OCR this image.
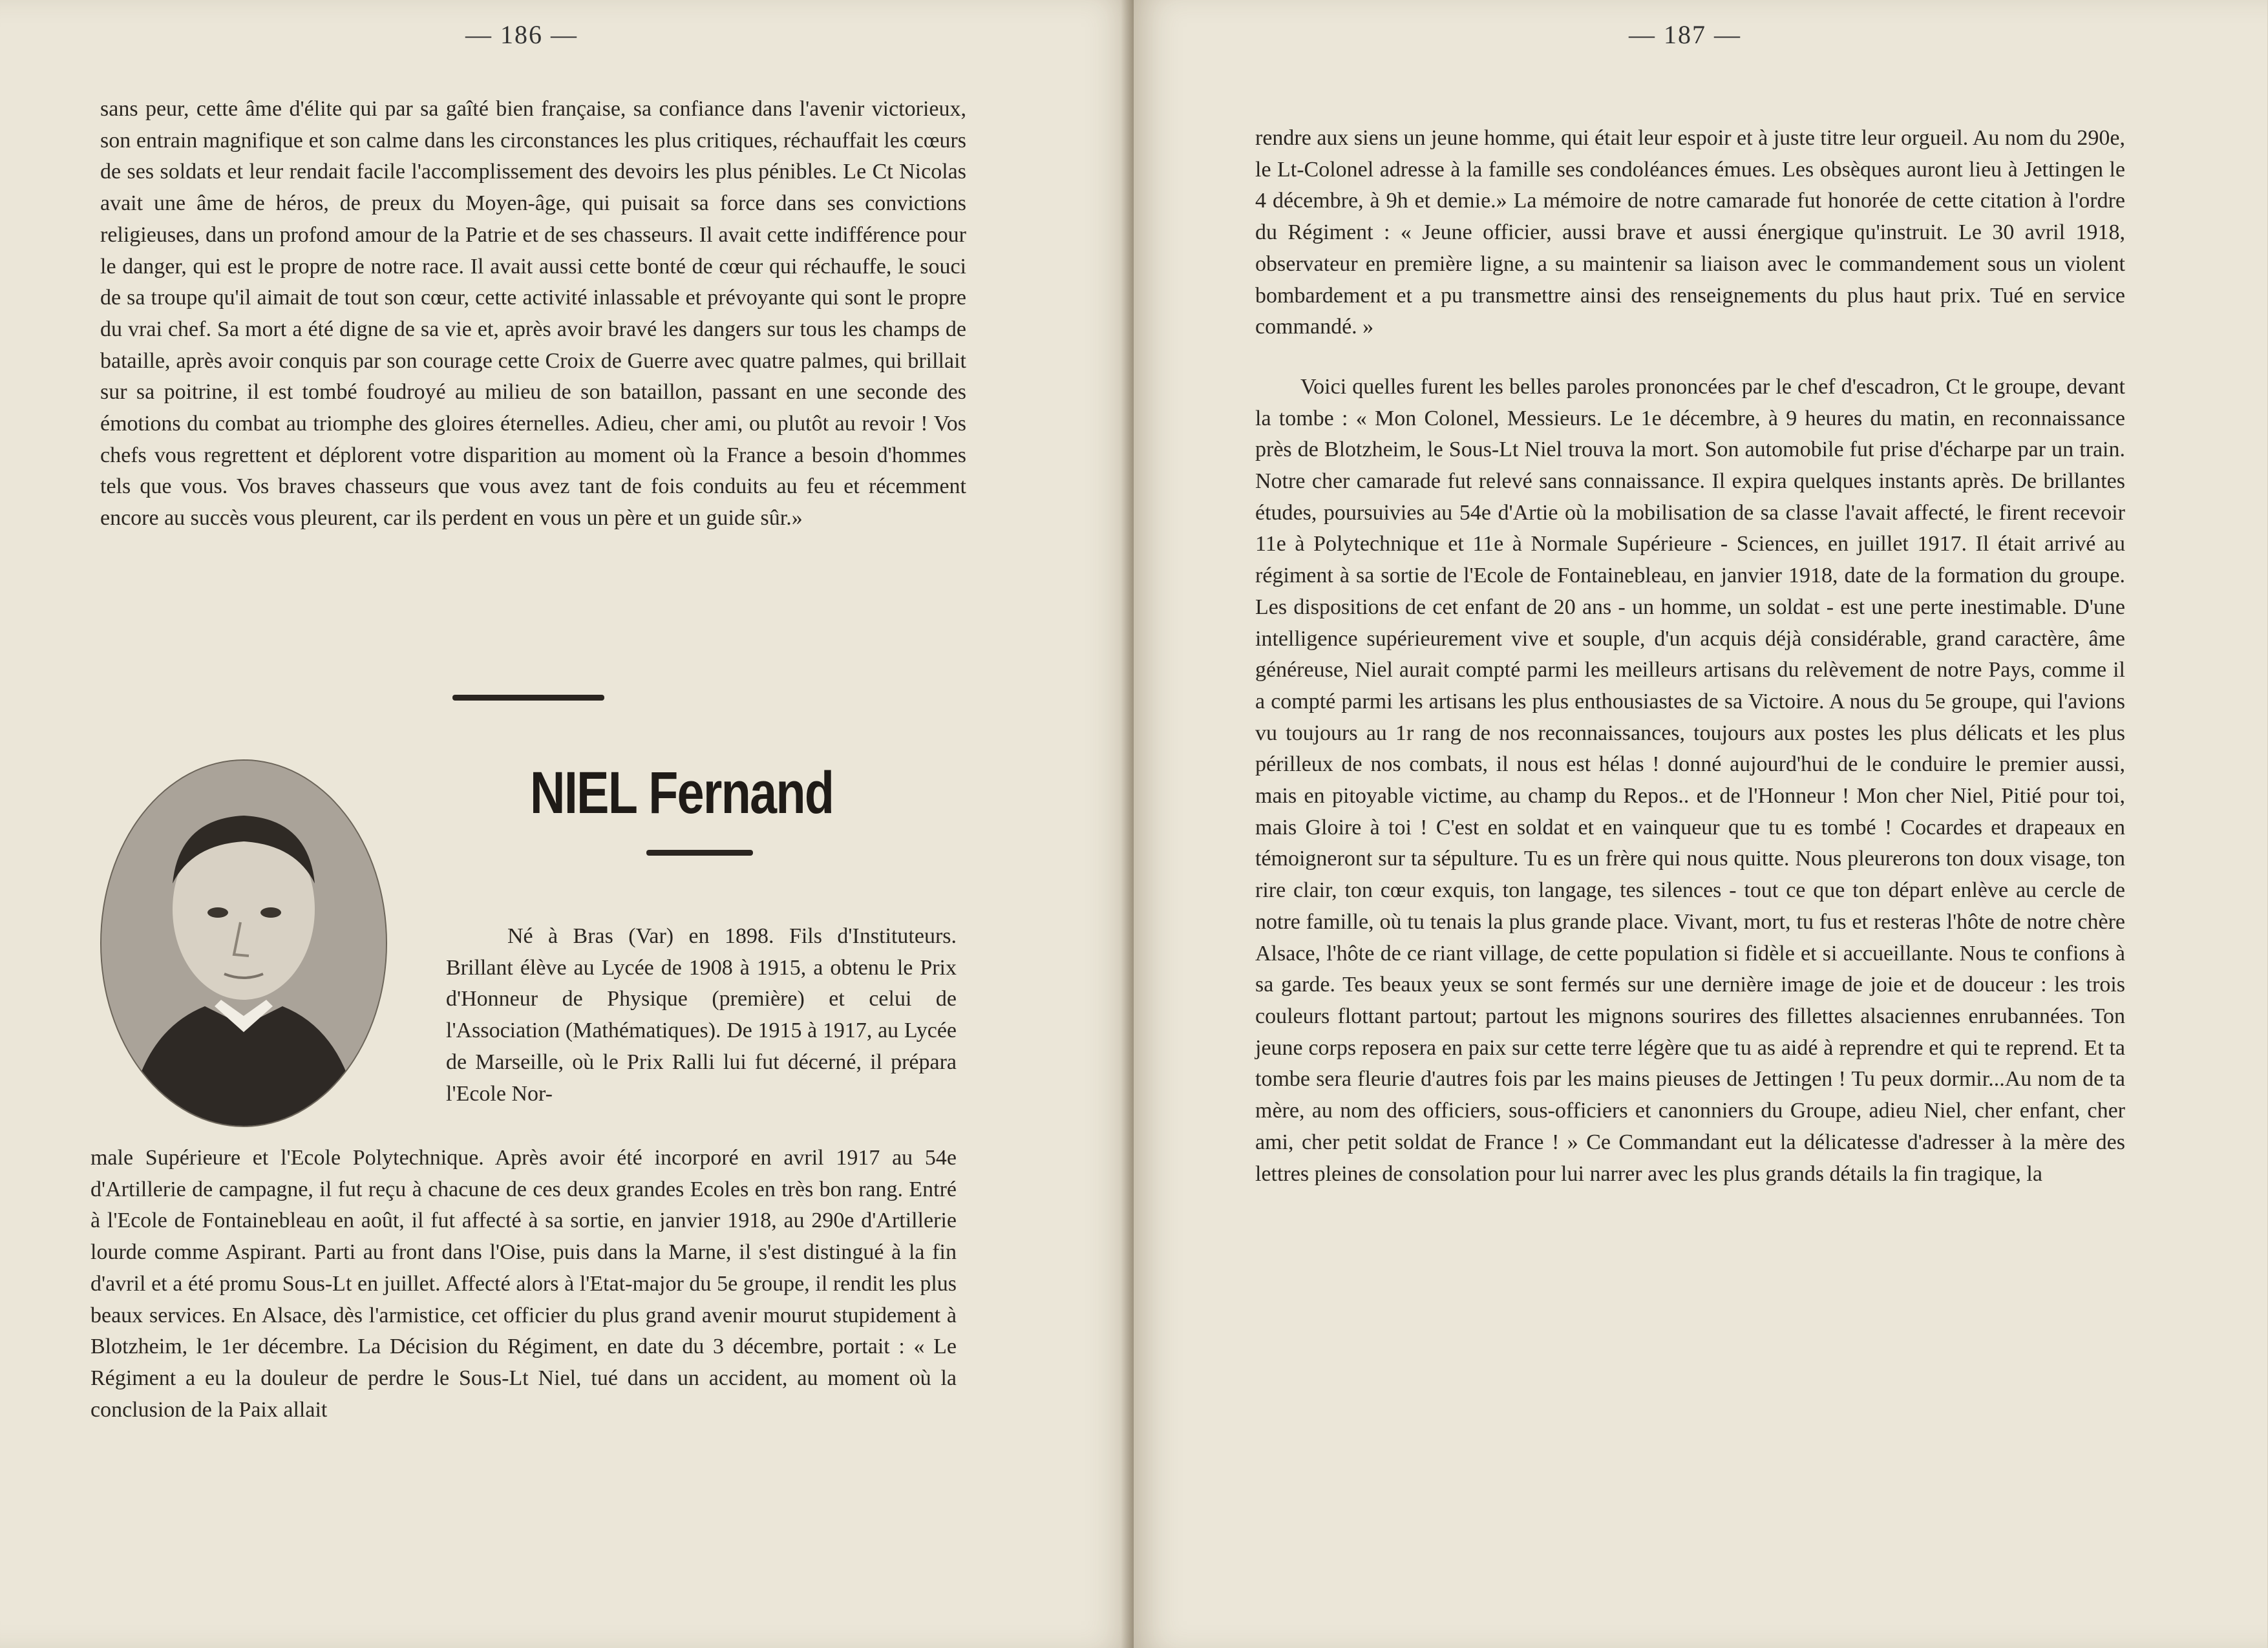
— 186 —
sans peur, cette âme d'élite qui par sa gaîté bien française, sa confiance dans l'avenir victorieux, son entrain magnifique et son calme dans les circonstances les plus critiques, réchauffait les cœurs de ses soldats et leur rendait facile l'accomplissement des devoirs les plus pénibles. Le Ct Nicolas avait une âme de héros, de preux du Moyen-âge, qui puisait sa force dans ses convictions religieuses, dans un profond amour de la Patrie et de ses chasseurs. Il avait cette indifférence pour le danger, qui est le propre de notre race. Il avait aussi cette bonté de cœur qui réchauffe, le souci de sa troupe qu'il aimait de tout son cœur, cette activité inlassable et prévoyante qui sont le propre du vrai chef. Sa mort a été digne de sa vie et, après avoir bravé les dangers sur tous les champs de bataille, après avoir conquis par son courage cette Croix de Guerre avec quatre palmes, qui brillait sur sa poitrine, il est tombé foudroyé au milieu de son bataillon, passant en une seconde des émotions du combat au triomphe des gloires éternelles. Adieu, cher ami, ou plutôt au revoir ! Vos chefs vous regrettent et déplorent votre disparition au moment où la France a besoin d'hommes tels que vous. Vos braves chasseurs que vous avez tant de fois conduits au feu et récemment encore au succès vous pleurent, car ils perdent en vous un père et un guide sûr.»
NIEL Fernand
Né à Bras (Var) en 1898. Fils d'Instituteurs. Brillant élève au Lycée de 1908 à 1915, a obtenu le Prix d'Honneur de Physique (première) et celui de l'Association (Mathématiques). De 1915 à 1917, au Lycée de Marseille, où le Prix Ralli lui fut décerné, il prépara l'Ecole Nor-
male Supérieure et l'Ecole Polytechnique. Après avoir été incorporé en avril 1917 au 54e d'Artillerie de campagne, il fut reçu à chacune de ces deux grandes Ecoles en très bon rang. Entré à l'Ecole de Fontainebleau en août, il fut affecté à sa sortie, en janvier 1918, au 290e d'Artillerie lourde comme Aspirant. Parti au front dans l'Oise, puis dans la Marne, il s'est distingué à la fin d'avril et a été promu Sous-Lt en juillet. Affecté alors à l'Etat-major du 5e groupe, il rendit les plus beaux services. En Alsace, dès l'armistice, cet officier du plus grand avenir mourut stupidement à Blotzheim, le 1er décembre. La Décision du Régiment, en date du 3 décembre, portait : « Le Régiment a eu la douleur de perdre le Sous-Lt Niel, tué dans un accident, au moment où la conclusion de la Paix allait
— 187 —

rendre aux siens un jeune homme, qui était leur espoir et à juste titre leur orgueil. Au nom du 290e, le Lt-Colonel adresse à la famille ses condoléances émues. Les obsèques auront lieu à Jettingen le 4 décembre, à 9h et demie.» La mémoire de notre camarade fut honorée de cette citation à l'ordre du Régiment : « Jeune officier, aussi brave et aussi énergique qu'instruit. Le 30 avril 1918, observateur en première ligne, a su maintenir sa liaison avec le commandement sous un violent bombardement et a pu transmettre ainsi des renseignements du plus haut prix. Tué en service commandé. »

Voici quelles furent les belles paroles prononcées par le chef d'escadron, Ct le groupe, devant la tombe : « Mon Colonel, Messieurs. Le 1e décembre, à 9 heures du matin, en reconnaissance près de Blotzheim, le Sous-Lt Niel trouva la mort. Son automobile fut prise d'écharpe par un train. Notre cher camarade fut relevé sans connaissance. Il expira quelques instants après. De brillantes études, poursuivies au 54e d'Artie où la mobilisation de sa classe l'avait affecté, le firent recevoir 11e à Polytechnique et 11e à Normale Supérieure - Sciences, en juillet 1917. Il était arrivé au régiment à sa sortie de l'Ecole de Fontainebleau, en janvier 1918, date de la formation du groupe. Les dispositions de cet enfant de 20 ans - un homme, un soldat - est une perte inestimable. D'une intelligence supérieurement vive et souple, d'un acquis déjà considérable, grand caractère, âme généreuse, Niel aurait compté parmi les meilleurs artisans du relèvement de notre Pays, comme il a compté parmi les artisans les plus enthousiastes de sa Victoire. A nous du 5e groupe, qui l'avions vu toujours au 1r rang de nos reconnaissances, toujours aux postes les plus délicats et les plus périlleux de nos combats, il nous est hélas ! donné aujourd'hui de le conduire le premier aussi, mais en pitoyable victime, au champ du Repos.. et de l'Honneur ! Mon cher Niel, Pitié pour toi, mais Gloire à toi ! C'est en soldat et en vainqueur que tu es tombé ! Cocardes et drapeaux en témoigneront sur ta sépulture. Tu es un frère qui nous quitte. Nous pleurerons ton doux visage, ton rire clair, ton cœur exquis, ton langage, tes silences - tout ce que ton départ enlève au cercle de notre famille, où tu tenais la plus grande place. Vivant, mort, tu fus et resteras l'hôte de notre chère Alsace, l'hôte de ce riant village, de cette population si fidèle et si accueillante. Nous te confions à sa garde. Tes beaux yeux se sont fermés sur une dernière image de joie et de douceur : les trois couleurs flottant partout; partout les mignons sourires des fillettes alsaciennes enrubannées. Ton jeune corps reposera en paix sur cette terre légère que tu as aidé à reprendre et qui te reprend. Et ta tombe sera fleurie d'autres fois par les mains pieuses de Jettingen ! Tu peux dormir...Au nom de ta mère, au nom des officiers, sous-officiers et canonniers du Groupe, adieu Niel, cher enfant, cher ami, cher petit soldat de France ! » Ce Commandant eut la délicatesse d'adresser à la mère des lettres pleines de consolation pour lui narrer avec les plus grands détails la fin tragique, la
